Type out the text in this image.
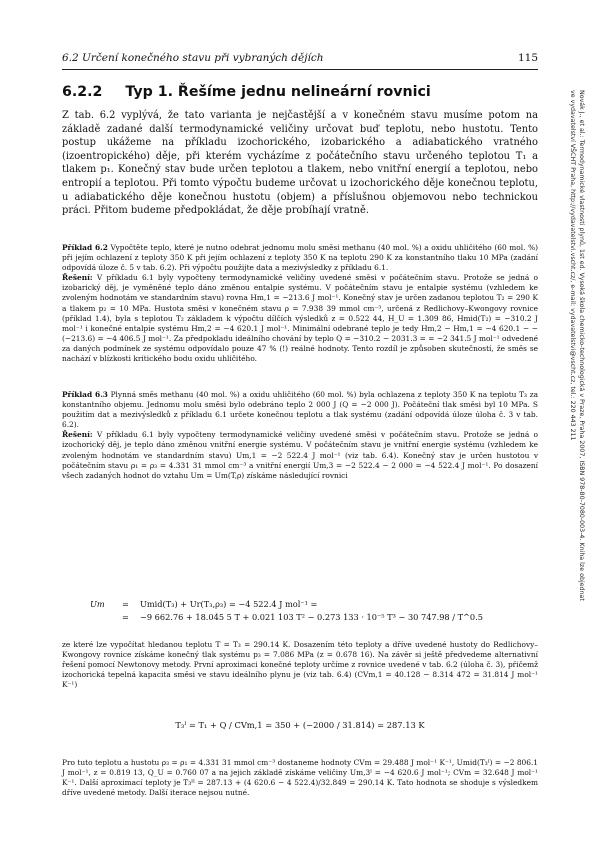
6.2 Určení konečného stavu při vybraných dějích	115
Novák J., et al.: Termodynamické vlastnosti plynů, 1st ed. Vysoká škola chemicko-technologická v Praze, Praha 2007, ISBN 978-80-7080-003-4. Kniha lze objednat ve vydavatelství VŠCHT Praha, http://vydavatelstvi.vscht.cz/, e-mail: vydavatelstvi@vscht.cz, tel.: 220 443 211
6.2.2 Typ 1. Řešíme jednu nelineární rovnici
Z tab. 6.2 vyplývá, že tato varianta je nejčastější a v konečném stavu musíme potom na základě zadané další termodynamické veličiny určovat buď teplotu, nebo hustotu. Tento postup ukážeme na příkladu izochorického, izobarického a adiabatického vratného (izoentropického) děje, při kterém vycházíme z počátečního stavu určeného teplotou T₁ a tlakem p₁. Konečný stav bude určen teplotou a tlakem, nebo vnitřní energií a teplotou, nebo entropií a teplotou. Při tomto výpočtu budeme určovat u izochorického děje konečnou teplotu, u adiabatického děje konečnou hustotu (objem) a příslušnou objemovou nebo technickou práci. Přitom budeme předpokládat, že děje probíhají vratně.
Příklad 6.2 Vypočtěte teplo, které je nutno odebrat jednomu molu směsi methanu (40 mol. %) a oxidu uhličitého (60 mol. %) při jejím ochlazení z teploty 350 K při jejím ochlazení z teploty 350 K na teplotu 290 K za konstantního tlaku 10 MPa (zadání odpovídá úloze č. 5 v tab. 6.2). Při výpočtu použijte data a mezivýsledky z příkladu 6.1.
Řešení: V příkladu 6.1 byly vypočteny termodynamické veličiny uvedené směsi v počátečním stavu. Protože se jedná o izobarický děj, je vyměněné teplo dáno změnou entalpie systému. V počátečním stavu je entalpie systému (vzhledem ke zvoleným hodnotám ve standardním stavu) rovna Hm,1 = −213.6 J mol⁻¹. Konečný stav je určen zadanou teplotou T₂ = 290 K a tlakem p₂ = 10 MPa. Hustota směsi v konečném stavu ρ = 7.938 39 mmol cm⁻³, určená z Redlichovy–Kwongovy rovnice (příklad 1.4), byla s teplotou T₂ základem k výpočtu dílčích výsledků z = 0.522 44, H_U = 1.309 86, Hmid(T₂) = −310.2 J mol⁻¹ i konečné entalpie systému Hm,2 = −4 620.1 J mol⁻¹. Minimální odebrané teplo je tedy Hm,2 − Hm,1 = −4 620.1 − −(−213.6) = −4 406.5 J mol⁻¹. Za předpokladu ideálního chování by teplo Q = −310.2 − 2031.3 = = −2 341.5 J mol⁻¹ odvedené za daných podmínek ze systému odpovídalo pouze 47 % (!) reálné hodnoty. Tento rozdíl je způsoben skutečností, že směs se nachází v blízkosti kritického bodu oxidu uhličitého.
Příklad 6.3 Plynná směs methanu (40 mol. %) a oxidu uhličitého (60 mol. %) byla ochlazena z teploty 350 K na teplotu T₃ za konstantního objemu. Jednomu molu směsi bylo odebráno teplo 2 000 J (Q = −2 000 J). Počáteční tlak směsi byl 10 MPa. S použitím dat a mezivýsledků z příkladu 6.1 určete konečnou teplotu a tlak systému (zadání odpovídá úloze úloha č. 3 v tab. 6.2).
Řešení: V příkladu 6.1 byly vypočteny termodynamické veličiny uvedené směsi v počátečním stavu. Protože se jedná o izochorický děj, je teplo dáno změnou vnitřní energie systému. V počátečním stavu je vnitřní energie systému (vzhledem ke zvoleným hodnotám ve standardním stavu) Um,1 = −2 522.4 J mol⁻¹ (viz tab. 6.4). Konečný stav je určen hustotou v počátečním stavu ρ₁ = ρ₃ = 4.331 31 mmol cm⁻³ a vnitřní energií Um,3 = −2 522.4 − 2 000 = −4 522.4 J mol⁻¹. Po dosazení všech zadaných hodnot do vztahu Um = Um(T,ρ) získáme následující rovnici
Um	=	Umid(T₃) + Ur(T₃,ρ₃) = −4 522.4 J mol⁻¹ =
=	−9 662.76 + 18.045 5 T + 0.021 103 T² − 0.273 133 · 10⁻⁵ T³ − 30 747.98 / T^0.5
ze které lze vypočítat hledanou teplotu T = T₃ = 290.14 K. Dosazením této teploty a dříve uvedené hustoty do Redlichovy–Kwongovy rovnice získáme konečný tlak systému p₃ = 7.086 MPa (z = 0.678 16). Na závěr si ještě předvedeme alternativní řešení pomocí Newtonovy metody. První aproximaci konečné teploty určíme z rovnice uvedené v tab. 6.2 (úloha č. 3), přičemž izochorická tepelná kapacita směsi ve stavu ideálního plynu je (viz tab. 6.4) (CVm,1 = 40.128 − 8.314 472 = 31.814 J mol⁻¹ K⁻¹)
T₃ᴵ = T₁ + Q / CVm,1 = 350 + (−2000 / 31.814) = 287.13 K
Pro tuto teplotu a hustotu ρ₃ = ρ₁ = 4.331 31 mmol cm⁻³ dostaneme hodnoty CVm = 29.488 J mol⁻¹ K⁻¹, Umid(T₃ᴵ) = −2 806.1 J mol⁻¹, z = 0.819 13, Q_U = 0.760 07 a na jejich základě získáme veličiny Um,3ᴵ = −4 620.6 J mol⁻¹; CVm = 32.648 J mol⁻¹ K⁻¹. Další aproximací teploty je T₃ᴵᴵ = 287.13 + (4 620.6 − 4 522.4)/32.849 = 290.14 K. Tato hodnota se shoduje s výsledkem dříve uvedené metody. Další iterace nejsou nutné.
